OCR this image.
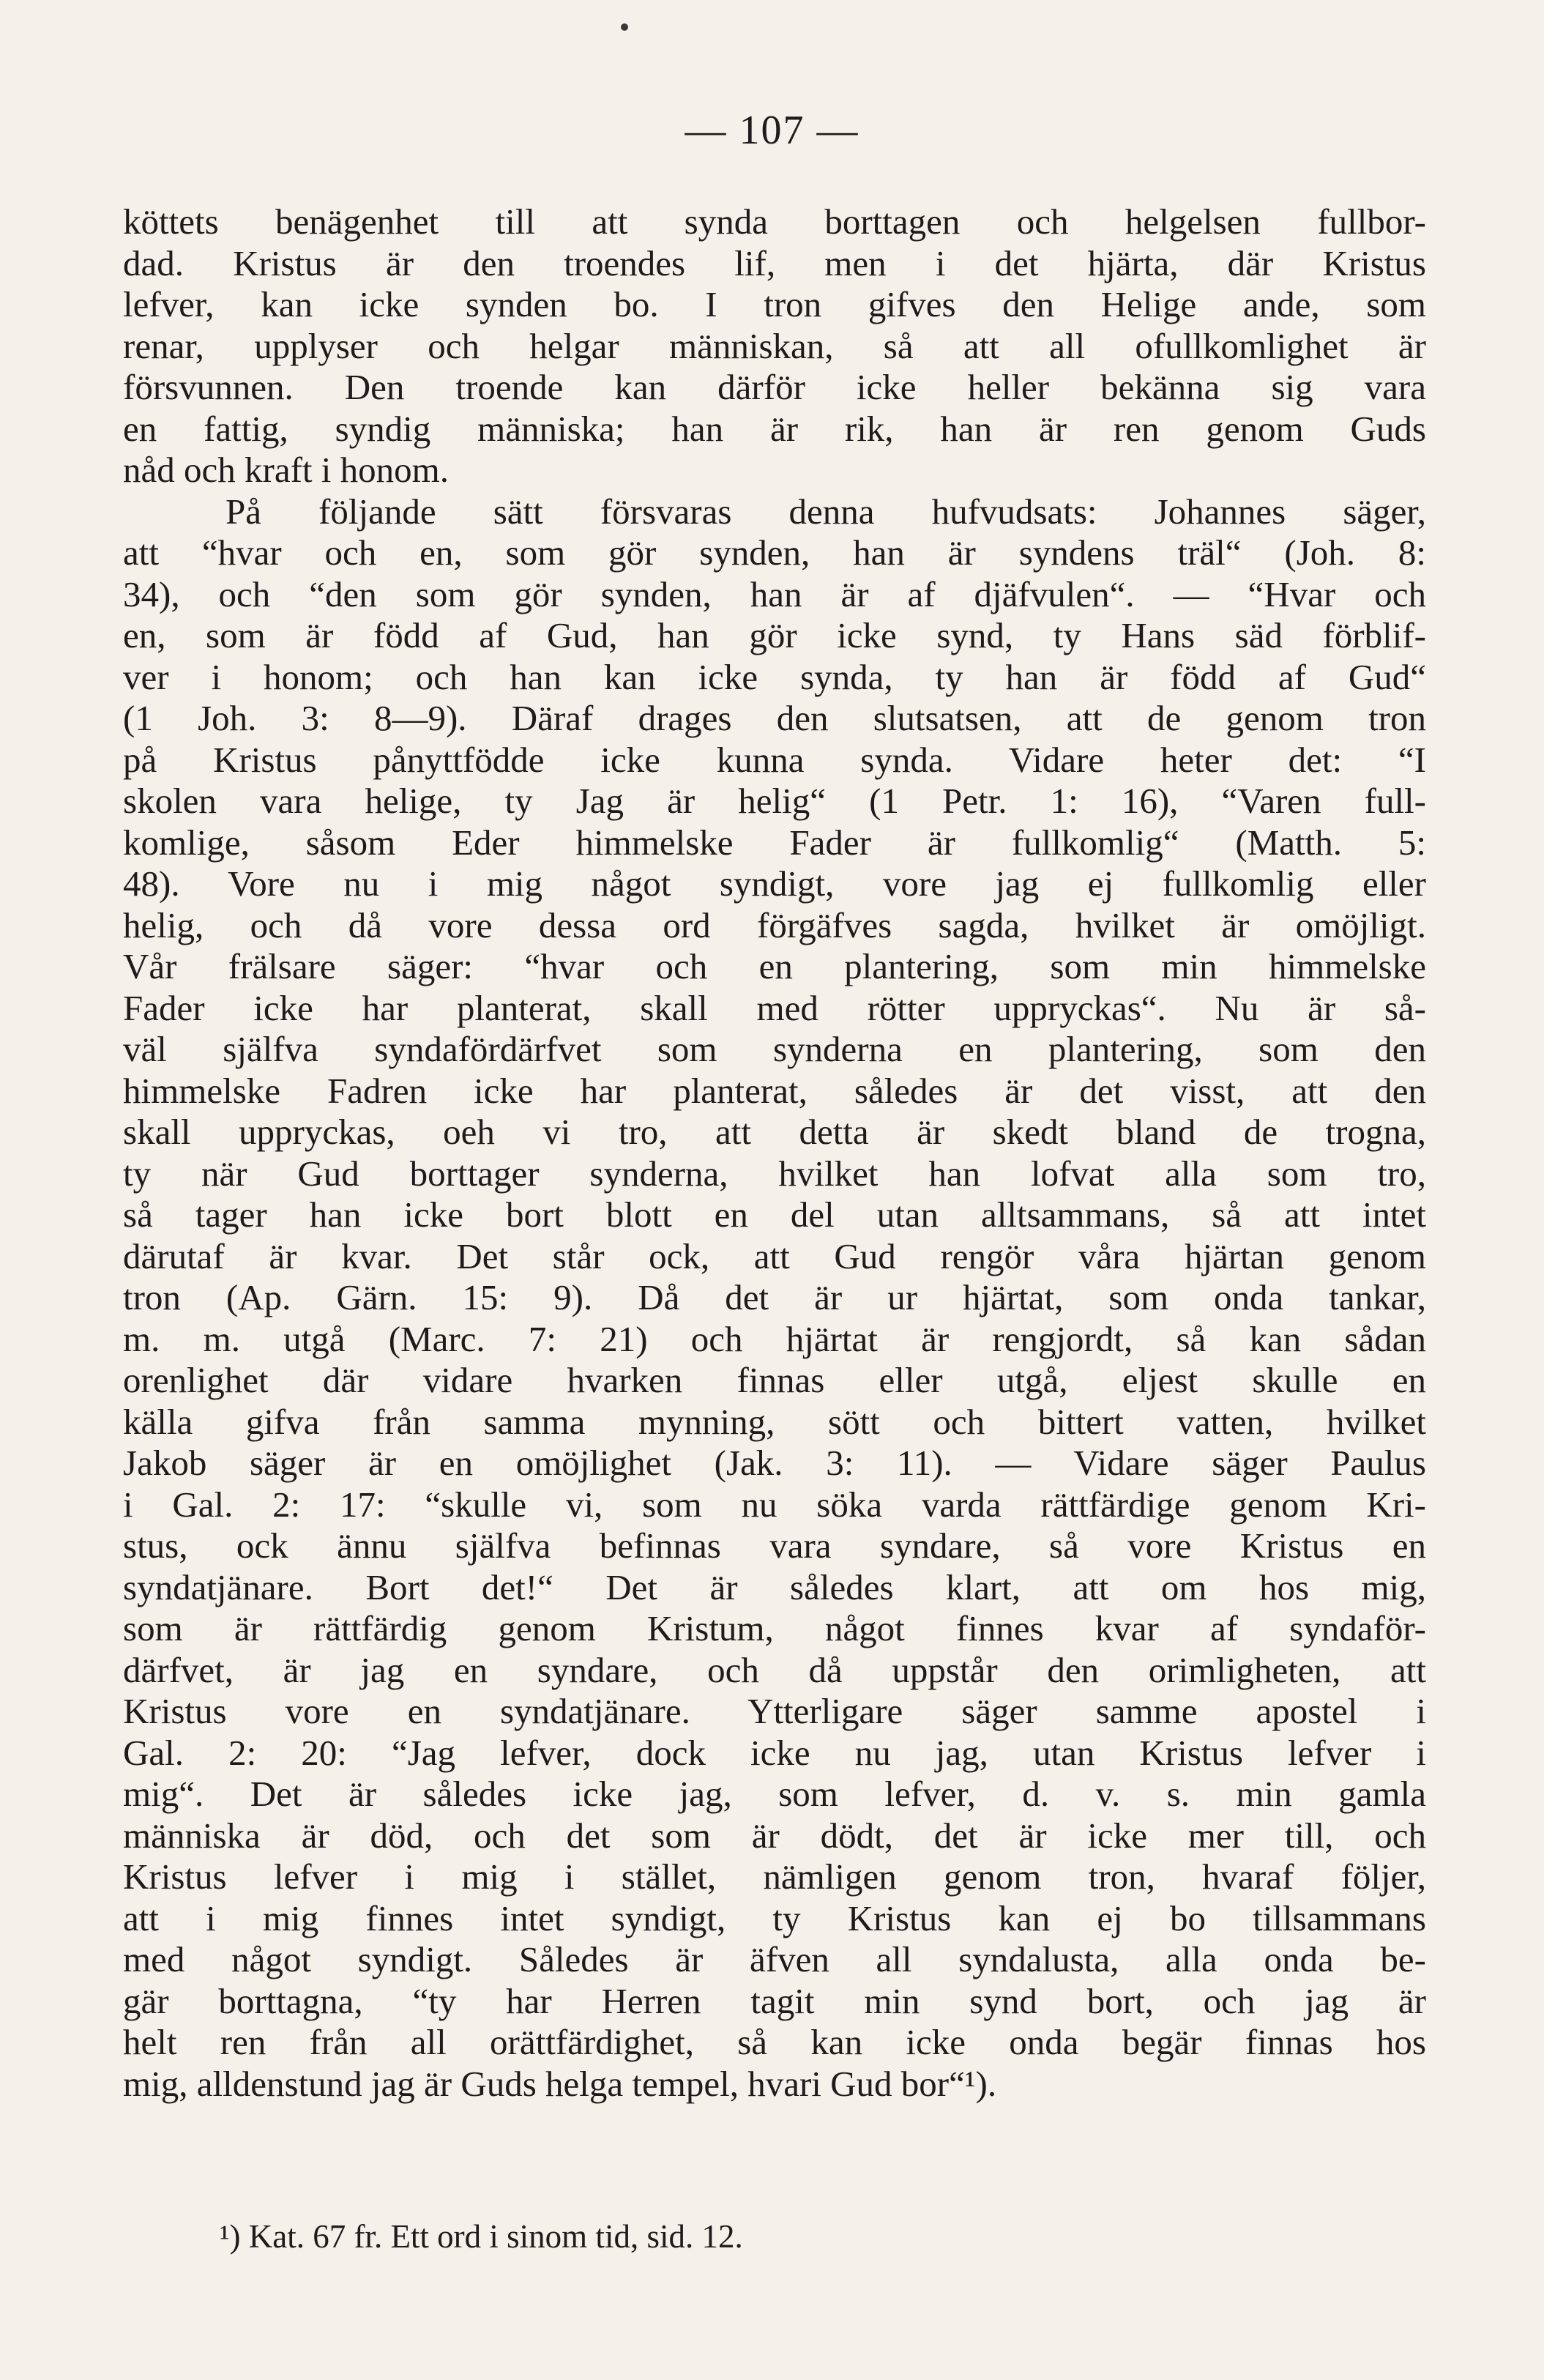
— 107 —
köttets benägenhet till att synda borttagen och helgelsen fullbor-
dad. Kristus är den troendes lif, men i det hjärta, där Kristus
lefver, kan icke synden bo. I tron gifves den Helige ande, som
renar, upplyser och helgar människan, så att all ofullkomlighet är
försvunnen. Den troende kan därför icke heller bekänna sig vara
en fattig, syndig människa; han är rik, han är ren genom Guds
nåd och kraft i honom.
På följande sätt försvaras denna hufvudsats: Johannes säger,
att “hvar och en, som gör synden, han är syndens träl“ (Joh. 8:
34), och “den som gör synden, han är af djäfvulen“. — “Hvar och
en, som är född af Gud, han gör icke synd, ty Hans säd förblif-
ver i honom; och han kan icke synda, ty han är född af Gud“
(1 Joh. 3: 8—9). Däraf drages den slutsatsen, att de genom tron
på Kristus pånyttfödde icke kunna synda. Vidare heter det: “I
skolen vara helige, ty Jag är helig“ (1 Petr. 1: 16), “Varen full-
komlige, såsom Eder himmelske Fader är fullkomlig“ (Matth. 5:
48). Vore nu i mig något syndigt, vore jag ej fullkomlig eller
helig, och då vore dessa ord förgäfves sagda, hvilket är omöjligt.
Vår frälsare säger: “hvar och en plantering, som min himmelske
Fader icke har planterat, skall med rötter uppryckas“. Nu är så-
väl själfva syndafördärfvet som synderna en plantering, som den
himmelske Fadren icke har planterat, således är det visst, att den
skall uppryckas, oeh vi tro, att detta är skedt bland de trogna,
ty när Gud borttager synderna, hvilket han lofvat alla som tro,
så tager han icke bort blott en del utan alltsammans, så att intet
därutaf är kvar. Det står ock, att Gud rengör våra hjärtan genom
tron (Ap. Gärn. 15: 9). Då det är ur hjärtat, som onda tankar,
m. m. utgå (Marc. 7: 21) och hjärtat är rengjordt, så kan sådan
orenlighet där vidare hvarken finnas eller utgå, eljest skulle en
källa gifva från samma mynning, sött och bittert vatten, hvilket
Jakob säger är en omöjlighet (Jak. 3: 11). — Vidare säger Paulus
i Gal. 2: 17: “skulle vi, som nu söka varda rättfärdige genom Kri-
stus, ock ännu själfva befinnas vara syndare, så vore Kristus en
syndatjänare. Bort det!“ Det är således klart, att om hos mig,
som är rättfärdig genom Kristum, något finnes kvar af syndaför-
därfvet, är jag en syndare, och då uppstår den orimligheten, att
Kristus vore en syndatjänare. Ytterligare säger samme apostel i
Gal. 2: 20: “Jag lefver, dock icke nu jag, utan Kristus lefver i
mig“. Det är således icke jag, som lefver, d. v. s. min gamla
människa är död, och det som är dödt, det är icke mer till, och
Kristus lefver i mig i stället, nämligen genom tron, hvaraf följer,
att i mig finnes intet syndigt, ty Kristus kan ej bo tillsammans
med något syndigt. Således är äfven all syndalusta, alla onda be-
gär borttagna, “ty har Herren tagit min synd bort, och jag är
helt ren från all orättfärdighet, så kan icke onda begär finnas hos
mig, alldenstund jag är Guds helga tempel, hvari Gud bor“¹).
¹) Kat. 67 fr. Ett ord i sinom tid, sid. 12.
